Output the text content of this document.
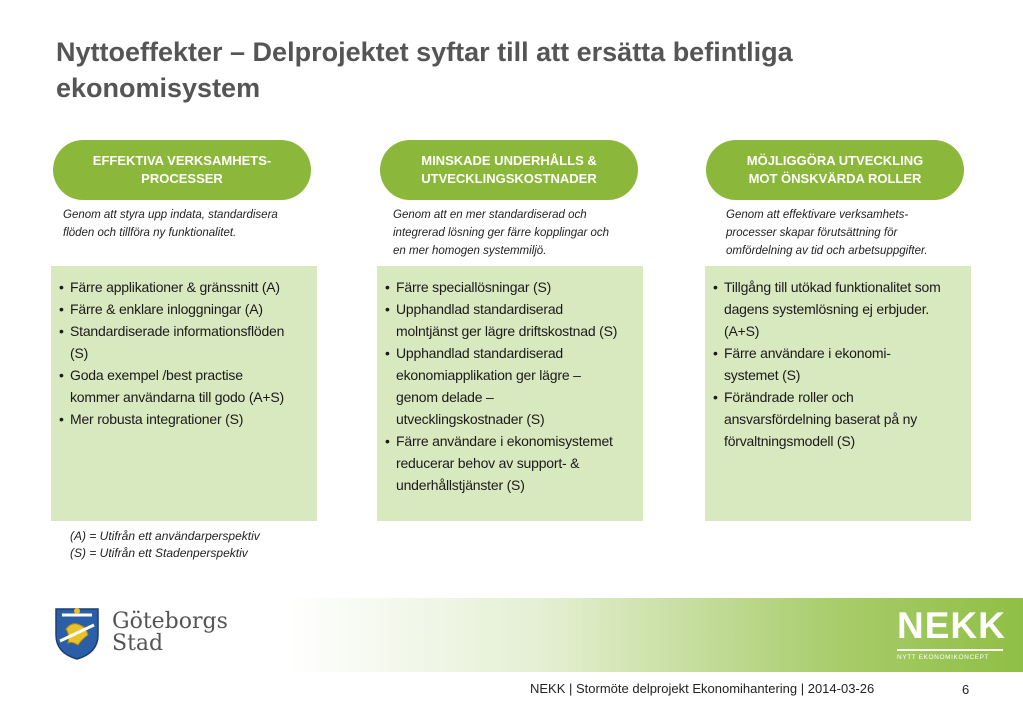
Nyttoeffekter – Delprojektet syftar till att ersätta befintliga ekonomisystem
EFFEKTIVA VERKSAMHETS-
PROCESSER
Genom att styra upp indata, standardisera
flöden och tillföra ny funktionalitet.
• Färre applikationer & gränssnitt (A)
• Färre & enklare inloggningar (A)
• Standardiserade informationsflöden
(S)
• Goda exempel /best practise
kommer användarna till godo (A+S)
• Mer robusta integrationer (S)
MINSKADE UNDERHÅLLS &
UTVECKLINGSKOSTNADER
Genom att en mer standardiserad och
integrerad lösning ger färre kopplingar och
en mer homogen systemmiljö.
• Färre speciallösningar (S)
• Upphandlad standardiserad
molntjänst ger lägre driftskostnad (S)
• Upphandlad standardiserad
ekonomiapplikation ger lägre –
genom delade –
utvecklingskostnader (S)
• Färre användare i ekonomisystemet
reducerar behov av support- &
underhållstjänster (S)
MÖJLIGGÖRA UTVECKLING
MOT ÖNSKVÄRDA ROLLER
Genom att effektivare verksamhets-
processer skapar förutsättning för
omfördelning av tid och arbetsuppgifter.
• Tillgång till utökad funktionalitet som
dagens systemlösning ej erbjuder.
(A+S)
• Färre användare i ekonomi-
systemet (S)
• Förändrade roller och
ansvarsfördelning baserat på ny
förvaltningsmodell (S)
(A) = Utifrån ett användarperspektiv
(S) = Utifrån ett Stadenperspektiv
Göteborgs
Stad	NEKK
NYTT EKONOMIKONCEPT
NEKK | Stormöte delprojekt Ekonomihantering | 2014-03-26	6
